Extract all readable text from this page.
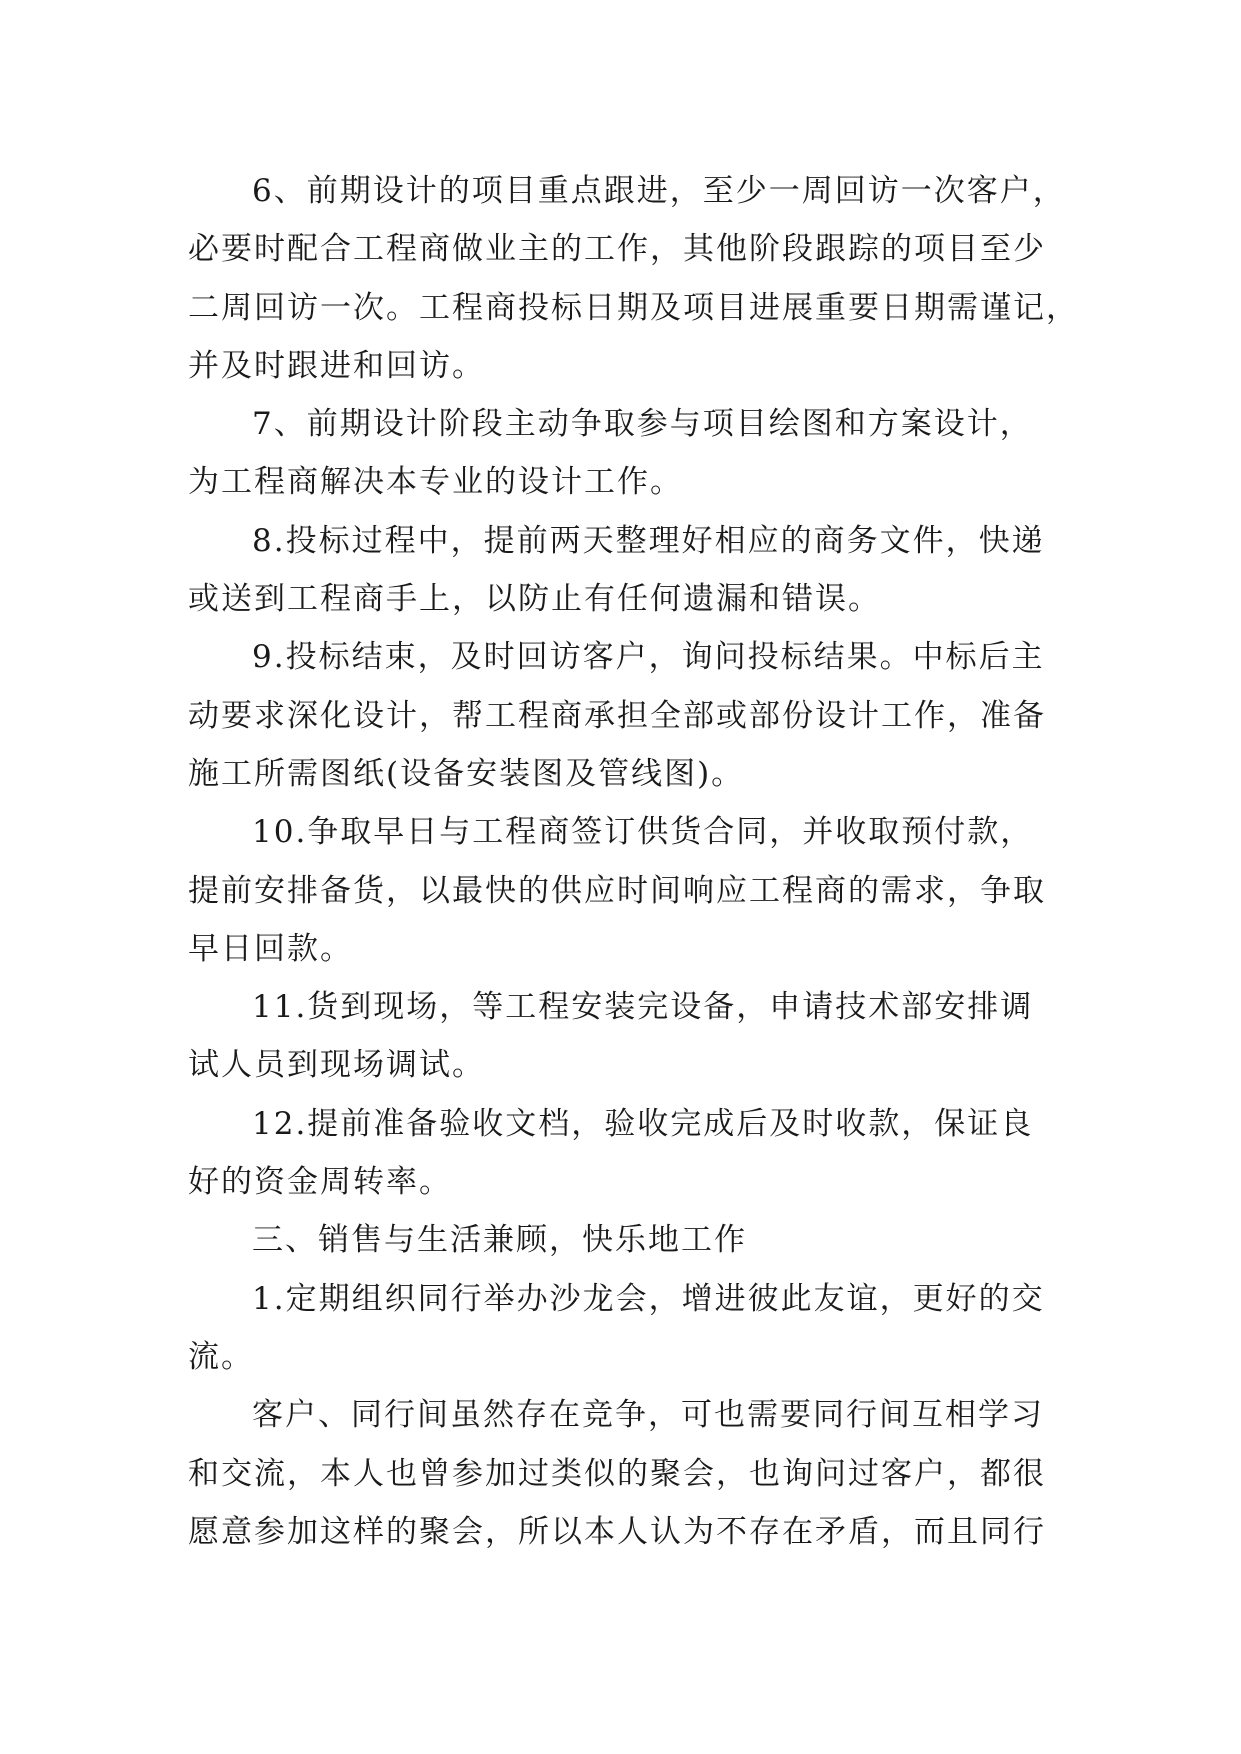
6、前期设计的项目重点跟进，至少一周回访一次客户，
必要时配合工程商做业主的工作，其他阶段跟踪的项目至少
二周回访一次。工程商投标日期及项目进展重要日期需谨记，
并及时跟进和回访。
7、前期设计阶段主动争取参与项目绘图和方案设计，
为工程商解决本专业的设计工作。
8.投标过程中，提前两天整理好相应的商务文件，快递
或送到工程商手上，以防止有任何遗漏和错误。
9.投标结束，及时回访客户，询问投标结果。中标后主
动要求深化设计，帮工程商承担全部或部份设计工作，准备
施工所需图纸(设备安装图及管线图)。
10.争取早日与工程商签订供货合同，并收取预付款，
提前安排备货，以最快的供应时间响应工程商的需求，争取
早日回款。
11.货到现场，等工程安装完设备，申请技术部安排调
试人员到现场调试。
12.提前准备验收文档，验收完成后及时收款，保证良
好的资金周转率。
三、销售与生活兼顾，快乐地工作
1.定期组织同行举办沙龙会，增进彼此友谊，更好的交
流。
客户、同行间虽然存在竞争，可也需要同行间互相学习
和交流，本人也曾参加过类似的聚会，也询问过客户，都很
愿意参加这样的聚会，所以本人认为不存在矛盾，而且同行
